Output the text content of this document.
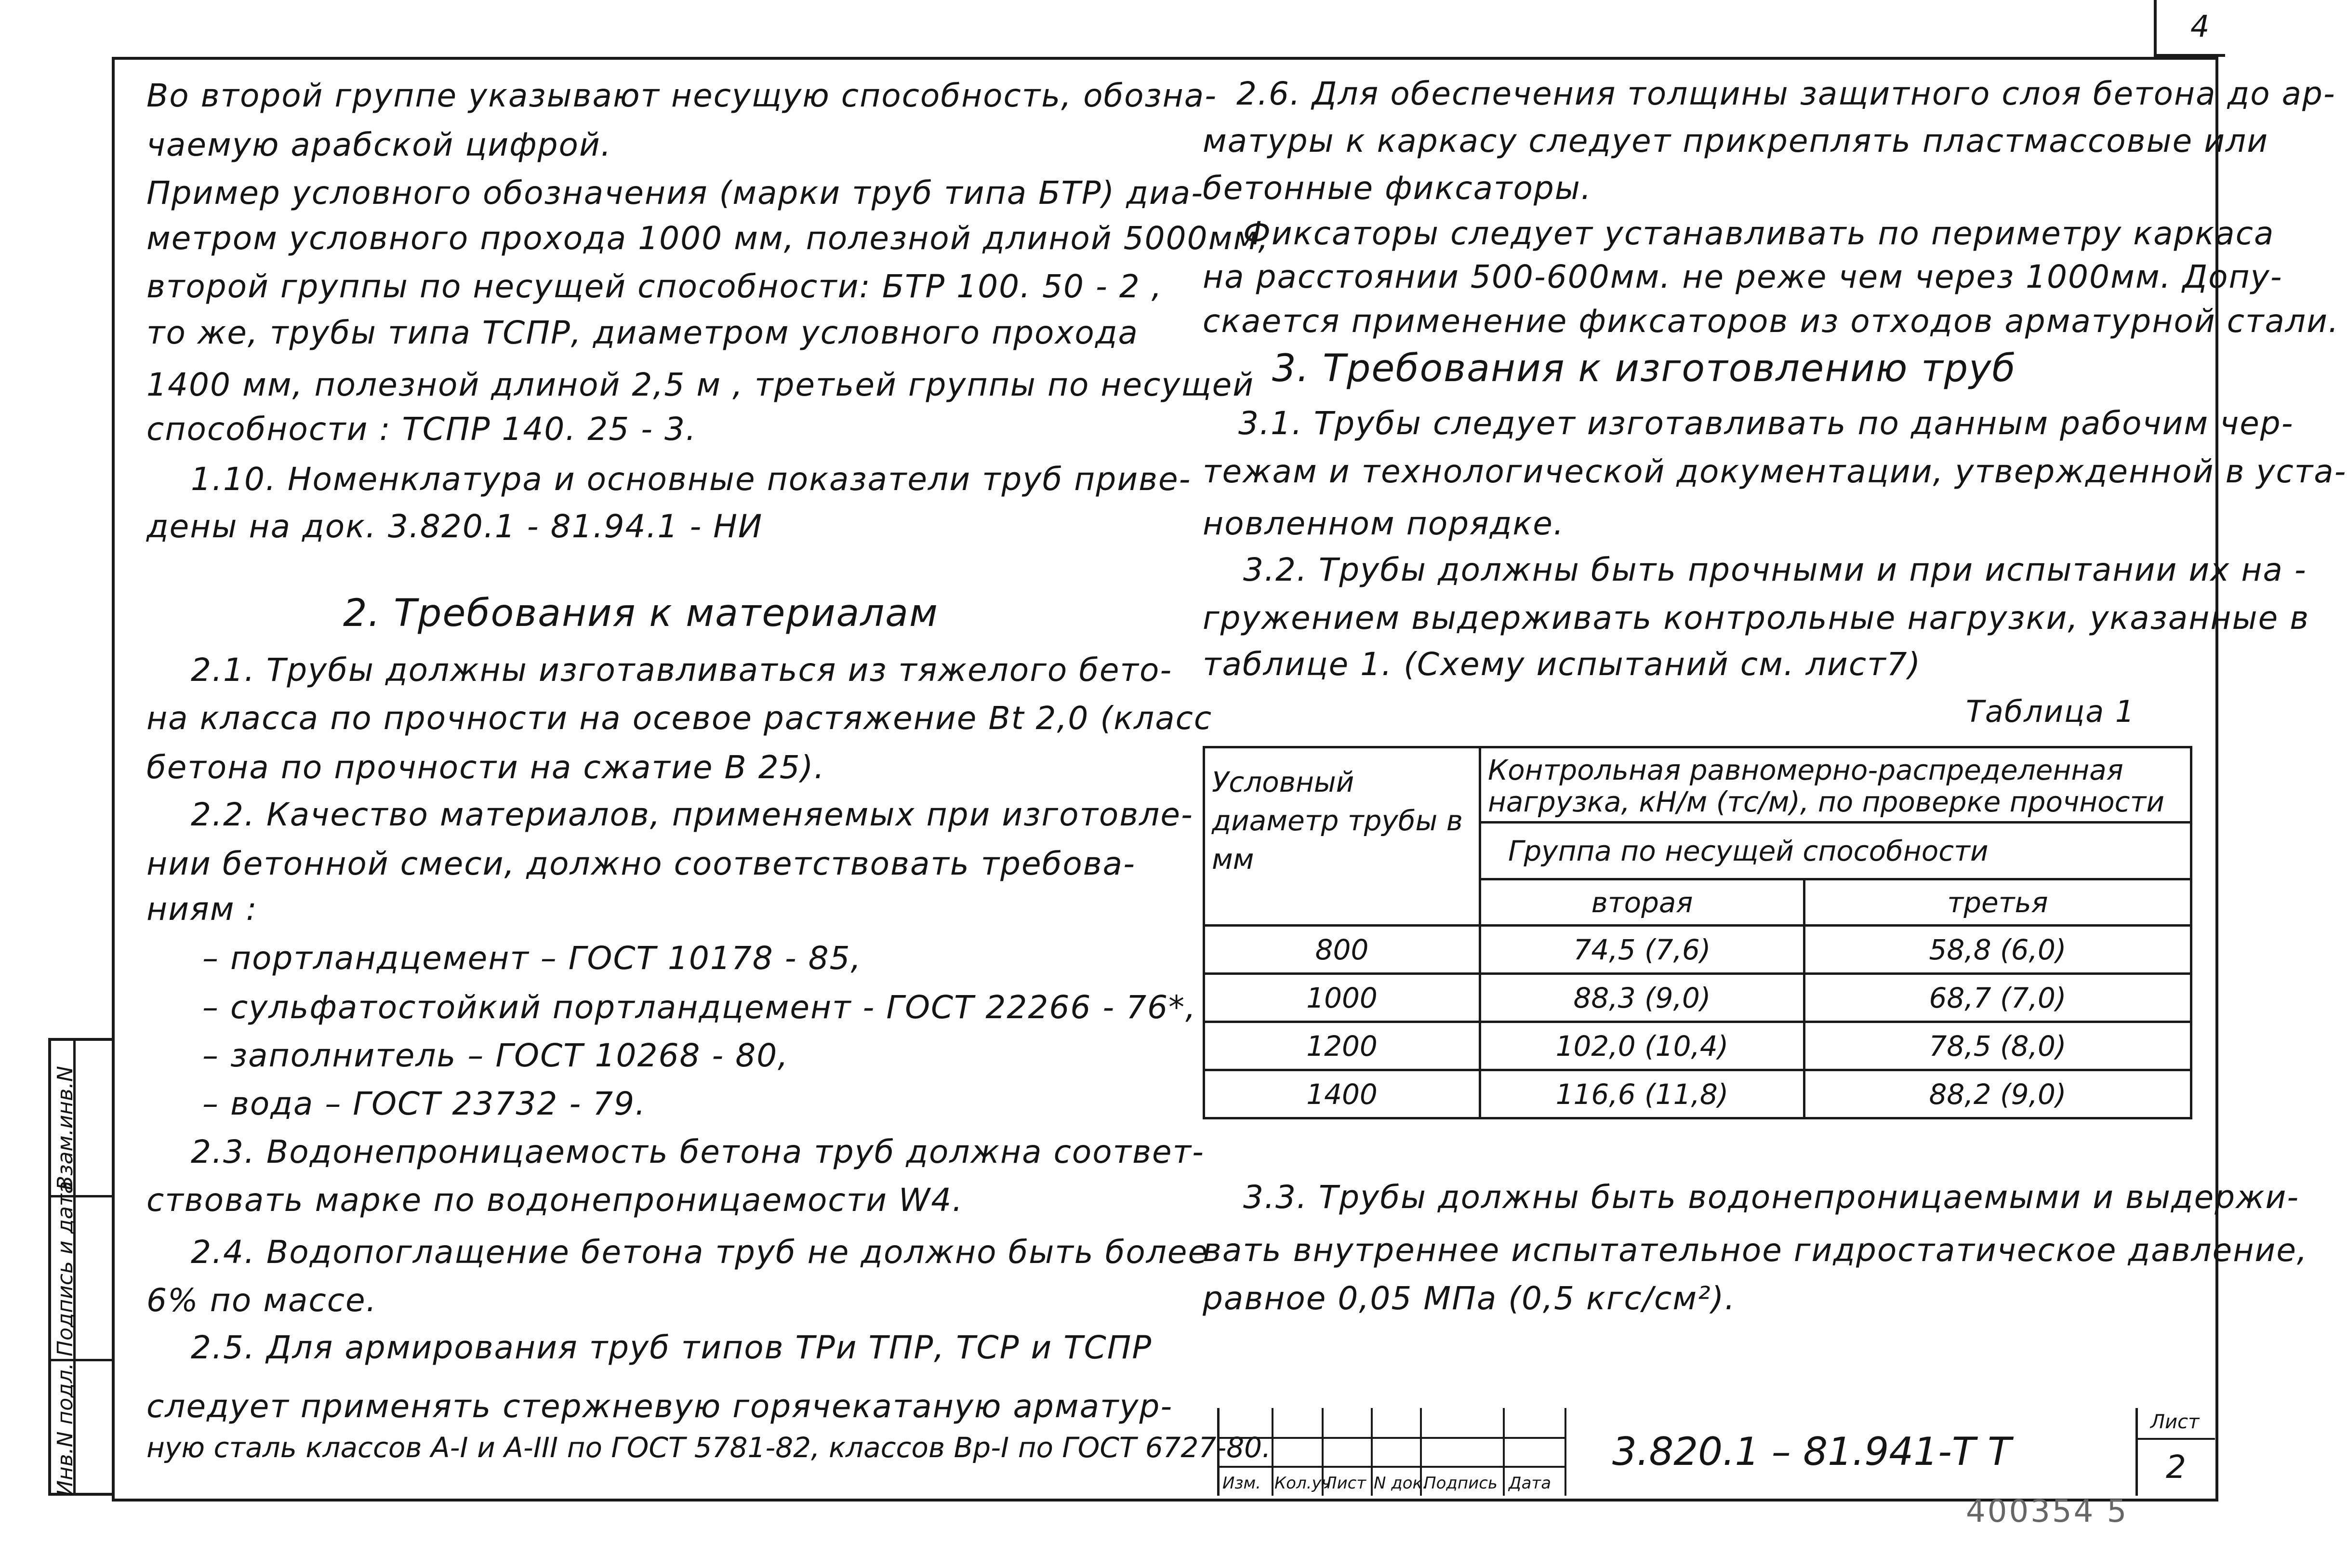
4
Взам.инв.N
Подпись и дата
Инв.N подл.
Во второй группе указывают несущую способность, обозна-
чаемую арабской цифрой.
Пример условного обозначения (марки труб типа БТР) диа-
метром условного прохода 1000 мм, полезной длиной 5000мм,
второй группы по несущей способности: БТР 100. 50 - 2 ,
то же, трубы типа ТСПР, диаметром условного прохода
1400 мм, полезной длиной 2,5 м , третьей группы по несущей
способности : ТСПР 140. 25 - 3.
1.10. Номенклатура и основные показатели труб приве-
дены на док. 3.820.1 - 81.94.1 - НИ
2. Требования к материалам
2.1. Трубы должны изготавливаться из тяжелого бето-
на класса по прочности на осевое растяжение Bt 2,0 (класс
бетона по прочности на сжатие В 25).
2.2. Качество материалов, применяемых при изготовле-
нии бетонной смеси, должно соответствовать требова-
ниям :
– портландцемент – ГОСТ 10178 - 85,
– сульфатостойкий портландцемент - ГОСТ 22266 - 76*,
– заполнитель – ГОСТ 10268 - 80,
– вода – ГОСТ 23732 - 79.
2.3. Водонепроницаемость бетона труб должна соответ-
ствовать марке по водонепроницаемости W4.
2.4. Водопоглащение бетона труб не должно быть более
6% по массе.
2.5. Для армирования труб типов ТРи ТПР, ТСР и ТСПР
следует применять стержневую горячекатаную арматур-
ную сталь классов А-I и А-III по ГОСТ 5781-82, классов Вр-I по ГОСТ 6727-80.
2.6. Для обеспечения толщины защитного слоя бетона до ар-
матуры к каркасу следует прикреплять пластмассовые или
бетонные фиксаторы.
Фиксаторы следует устанавливать по периметру каркаса
на расстоянии 500-600мм. не реже чем через 1000мм. Допу-
скается применение фиксаторов из отходов арматурной стали.
3. Требования к изготовлению труб
3.1. Трубы следует изготавливать по данным рабочим чер-
тежам и технологической документации, утвержденной в уста-
новленном порядке.
3.2. Трубы должны быть прочными и при испытании их на -
гружением выдерживать контрольные нагрузки, указанные в
таблице 1. (Схему испытаний см. лист7)
Таблица 1
3.3. Трубы должны быть водонепроницаемыми и выдержи-
вать внутреннее испытательное гидростатическое давление,
равное 0,05 МПа (0,5 кгс/см²).
Условный диаметр трубы в мм	Контрольная равномерно-распределенная нагрузка, кН/м (тс/м), по проверке прочности	
	Группа по несущей способности	
	вторая	третья
800	74,5 (7,6)	58,8 (6,0)
1000	88,3 (9,0)	68,7 (7,0)
1200	102,0 (10,4)	78,5 (8,0)
1400	116,6 (11,8)	88,2 (9,0)
Изм. Кол.уч
Лист N док.
Подпись Дата
3.820.1 – 81.941-Т Т
Лист
2
400354 5
